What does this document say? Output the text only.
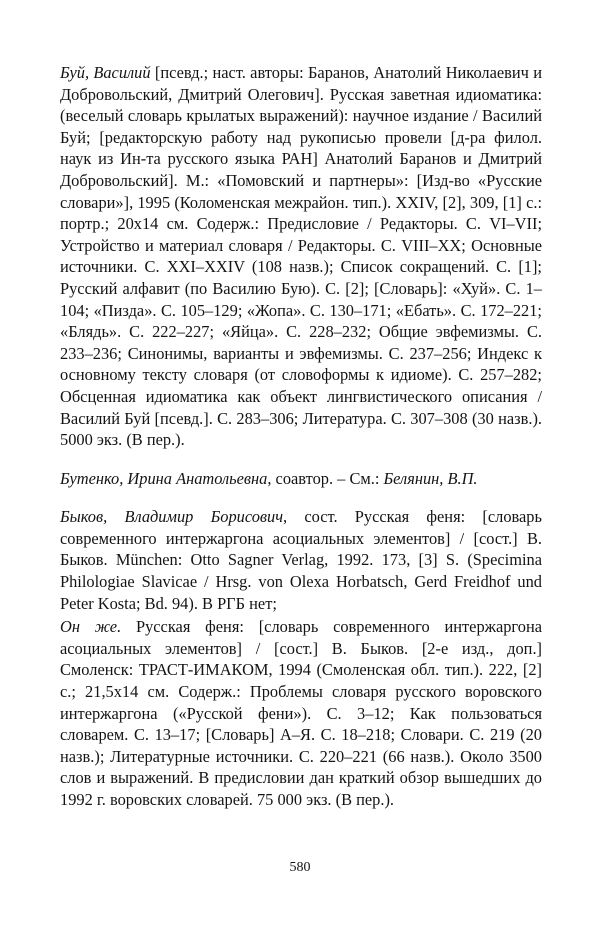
Буй, Василий [псевд.; наст. авторы: Баранов, Анатолий Николаевич и Добровольский, Дмитрий Олегович]. Русская заветная идиоматика: (веселый словарь крылатых выражений): научное издание / Василий Буй; [редакторскую работу над рукописью провели [д-ра филол. наук из Ин-та русского языка РАН] Анатолий Баранов и Дмитрий Добровольский]. М.: «Помовский и партнеры»: [Изд-во «Русские словари»], 1995 (Коломенская межрайон. тип.). XXIV, [2], 309, [1] с.: портр.; 20x14 см. Содерж.: Предисловие / Редакторы. С. VI–VII; Устройство и материал словаря / Редакторы. С. VIII–XX; Основные источники. С. XXI–XXIV (108 назв.); Список сокращений. С. [1]; Русский алфавит (по Василию Бую). С. [2]; [Словарь]: «Хуй». С. 1–104; «Пизда». С. 105–129; «Жопа». С. 130–171; «Ебать». С. 172–221; «Блядь». С. 222–227; «Яйца». С. 228–232; Общие эвфемизмы. С. 233–236; Синонимы, варианты и эвфемизмы. С. 237–256; Индекс к основному тексту словаря (от словоформы к идиоме). С. 257–282; Обсценная идиоматика как объект лингвистического описания / Василий Буй [псевд.]. С. 283–306; Литература. С. 307–308 (30 назв.). 5000 экз. (В пер.).

Бутенко, Ирина Анатольевна, соавтор. – См.: Белянин, В.П.

Быков, Владимир Борисович, сост. Русская феня: [словарь современного интержаргона асоциальных элементов] / [сост.] В. Быков. München: Otto Sagner Verlag, 1992. 173, [3] S. (Specimina Philologiae Slavicae / Hrsg. von Olexa Horbatsch, Gerd Freidhof und Peter Kosta; Bd. 94). В РГБ нет;

Он же. Русская феня: [словарь современного интержаргона асоциальных элементов] / [сост.] В. Быков. [2-е изд., доп.] Смоленск: ТРАСТ-ИМАКОМ, 1994 (Смоленская обл. тип.). 222, [2] с.; 21,5x14 см. Содерж.: Проблемы словаря русского воровского интержаргона («Русской фени»). С. 3–12; Как пользоваться словарем. С. 13–17; [Словарь] А–Я. С. 18–218; Словари. С. 219 (20 назв.); Литературные источники. С. 220–221 (66 назв.). Около 3500 слов и выражений. В предисловии дан краткий обзор вышедших до 1992 г. воровских словарей. 75 000 экз. (В пер.).

580
